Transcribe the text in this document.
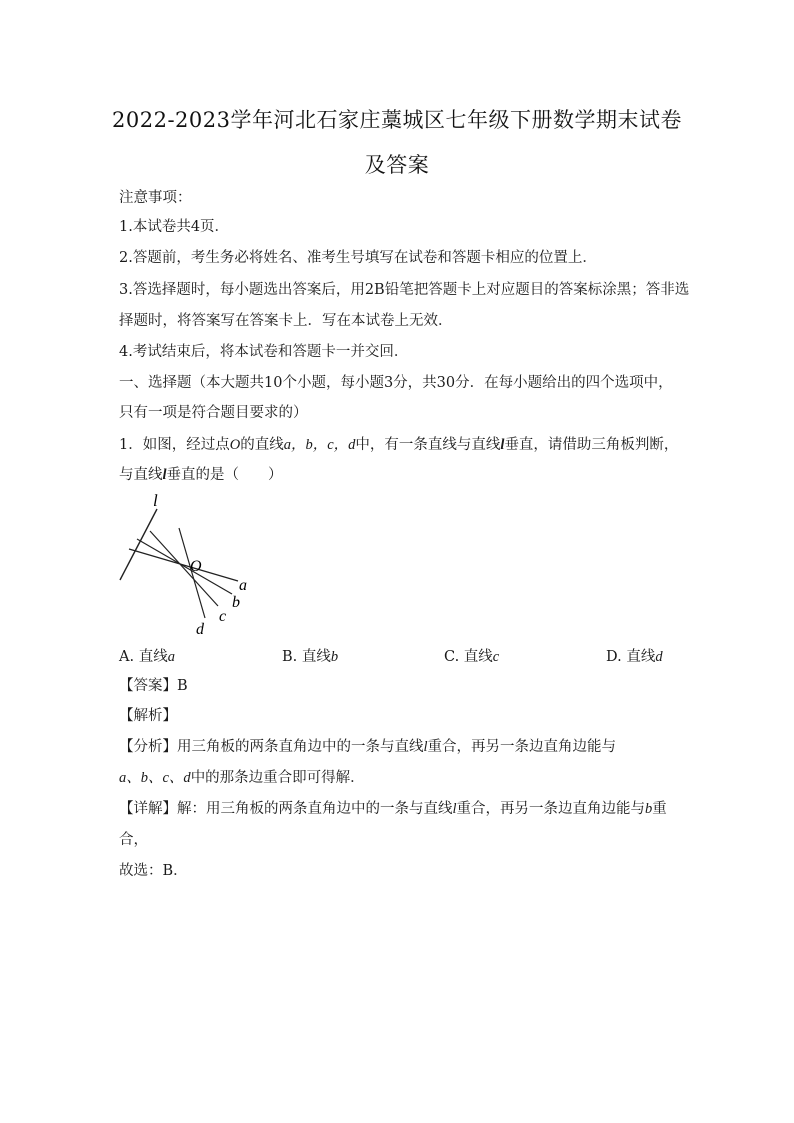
2022-2023学年河北石家庄藁城区七年级下册数学期末试卷
及答案
注意事项：
1.本试卷共4页．
2.答题前，考生务必将姓名、准考生号填写在试卷和答题卡相应的位置上．
3.答选择题时，每小题选出答案后，用2B铅笔把答题卡上对应题目的答案标涂黑；答非选
择题时，将答案写在答案卡上．写在本试卷上无效．
4.考试结束后，将本试卷和答题卡一并交回．
一、选择题（本大题共10个小题，每小题3分，共30分．在每小题给出的四个选项中，
只有一项是符合题目要求的）
1．如图，经过点O的直线a，b，c，d中，有一条直线与直线l垂直，请借助三角板判断，
与直线l垂直的是（　　）
l
O
a
b
c
d
A. 直线a	B. 直线b	C. 直线c	D. 直线d
【答案】B
【解析】
【分析】用三角板的两条直角边中的一条与直线l重合，再另一条边直角边能与
a、b、c、d中的那条边重合即可得解．
【详解】解：用三角板的两条直角边中的一条与直线l重合，再另一条边直角边能与b重
合，
故选：B．
